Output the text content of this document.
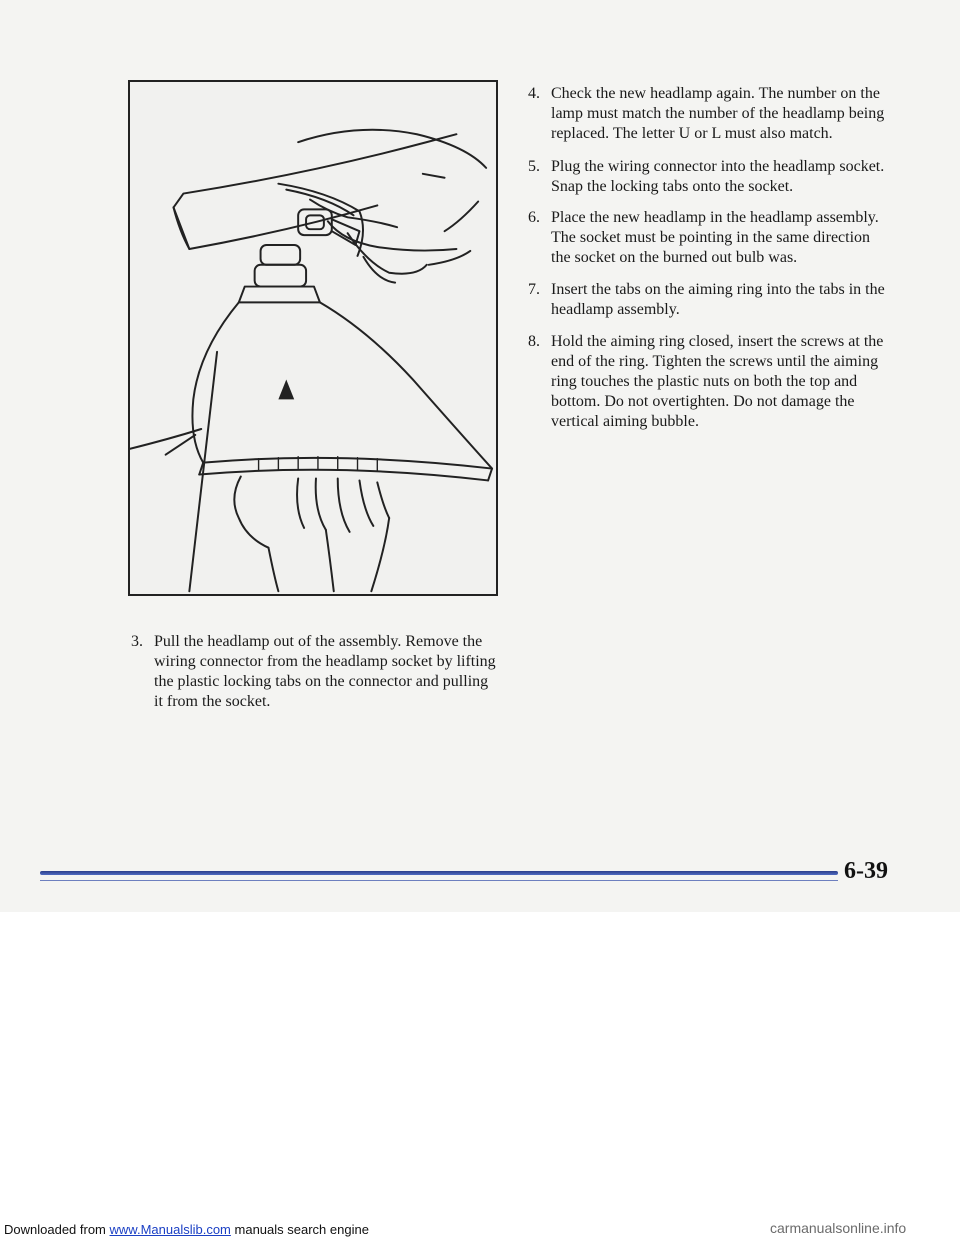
3. Pull the headlamp out of the assembly. Remove the
wiring connector from the headlamp socket by lifting
the plastic locking tabs on the connector and pulling
it from the socket.
4. Check the new headlamp again. The number on the
lamp must match the number of the headlamp being
replaced. The letter U or L must also match.
5. Plug the wiring connector into the headlamp socket.
Snap the locking tabs onto the socket.
6. Place the new headlamp in the headlamp assembly.
The socket must be pointing in the same direction
the socket on the burned out bulb was.
7. Insert the tabs on the aiming ring into the tabs in the
headlamp assembly.
8. Hold the aiming ring closed, insert the screws at the
end of the ring. Tighten the screws until the aiming
ring touches the plastic nuts on both the top and
bottom. Do not overtighten. Do not damage the
vertical aiming bubble.
6-39
Downloaded from www.Manualslib.com manuals search engine	carmanualsonline.info
